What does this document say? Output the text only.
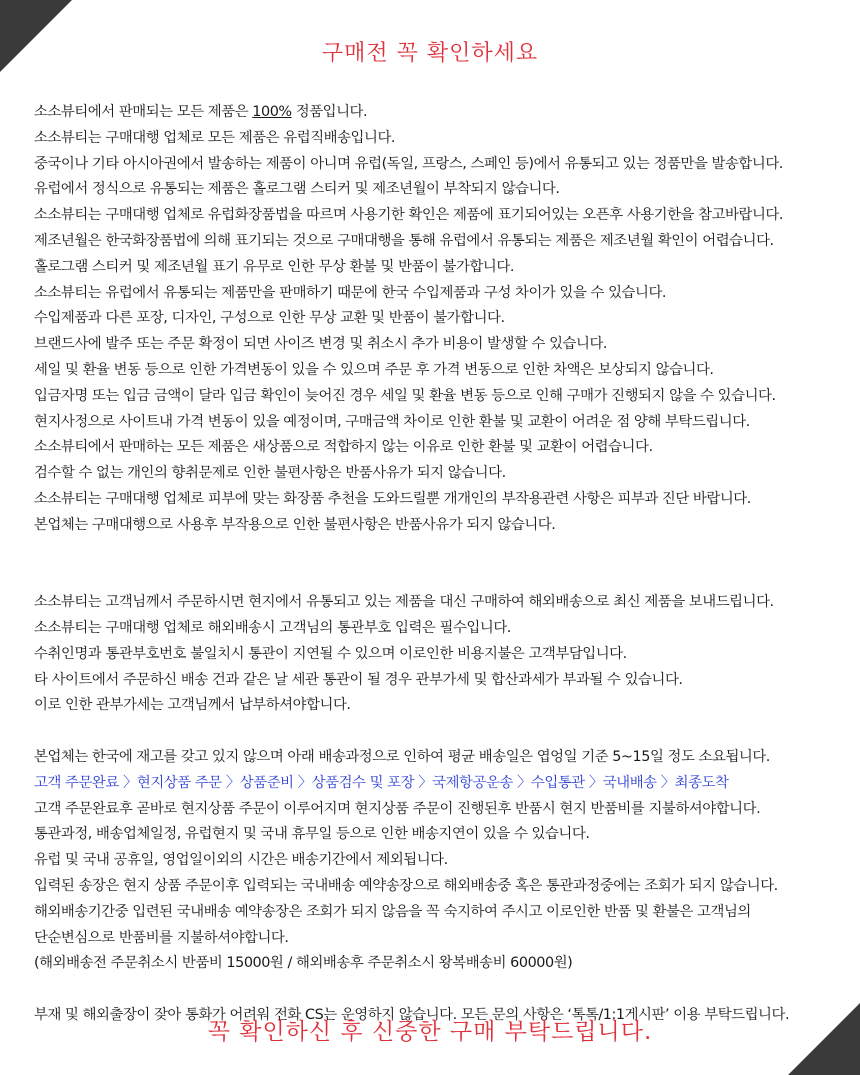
구매전 꼭 확인하세요
소소뷰티에서 판매되는 모든 제품은 100% 정품입니다.
소소뷰티는 구매대행 업체로 모든 제품은 유럽직배송입니다.
중국이나 기타 아시아권에서 발송하는 제품이 아니며 유럽(독일, 프랑스, 스페인 등)에서 유통되고 있는 정품만을 발송합니다.
유럽에서 정식으로 유통되는 제품은 홀로그램 스티커 및 제조년월이 부착되지 않습니다.
소소뷰티는 구매대행 업체로 유럽화장품법을 따르며 사용기한 확인은 제품에 표기되어있는 오픈후 사용기한을 참고바랍니다.
제조년월은 한국화장품법에 의해 표기되는 것으로 구매대행을 통해 유럽에서 유통되는 제품은 제조년월 확인이 어렵습니다.
홀로그램 스티커 및 제조년월 표기 유무로 인한 무상 환불 및 반품이 불가합니다.
소소뷰티는 유럽에서 유통되는 제품만을 판매하기 때문에 한국 수입제품과 구성 차이가 있을 수 있습니다.
수입제품과 다른 포장, 디자인, 구성으로 인한 무상 교환 및 반품이 불가합니다.
브랜드사에 발주 또는 주문 확정이 되면 사이즈 변경 및 취소시 추가 비용이 발생할 수 있습니다.
세일 및 환율 변동 등으로 인한 가격변동이 있을 수 있으며 주문 후 가격 변동으로 인한 차액은 보상되지 않습니다.
입금자명 또는 입금 금액이 달라 입금 확인이 늦어진 경우 세일 및 환율 변동 등으로 인해 구매가 진행되지 않을 수 있습니다.
현지사정으로 사이트내 가격 변동이 있을 예정이며, 구매금액 차이로 인한 환불 및 교환이 어려운 점 양해 부탁드립니다.
소소뷰티에서 판매하는 모든 제품은 새상품으로 적합하지 않는 이유로 인한 환불 및 교환이 어렵습니다.
검수할 수 없는 개인의 향취문제로 인한 불편사항은 반품사유가 되지 않습니다.
소소뷰티는 구매대행 업체로 피부에 맞는 화장품 추천을 도와드릴뿐 개개인의 부작용관련 사항은 피부과 진단 바랍니다.
본업체는 구매대행으로 사용후 부작용으로 인한 불편사항은 반품사유가 되지 않습니다.
소소뷰티는 고객님께서 주문하시면 현지에서 유통되고 있는 제품을 대신 구매하여 해외배송으로 최신 제품을 보내드립니다.
소소뷰티는 구매대행 업체로 해외배송시 고객님의 통관부호 입력은 필수입니다.
수취인명과 통관부호번호 불일치시 통관이 지연될 수 있으며 이로인한 비용지불은 고객부담입니다.
타 사이트에서 주문하신 배송 건과 같은 날 세관 통관이 될 경우 관부가세 및 합산과세가 부과될 수 있습니다.
이로 인한 관부가세는 고객님께서 납부하셔야합니다.
본업체는 한국에 재고를 갖고 있지 않으며 아래 배송과정으로 인하여 평균 배송일은 엽엉일 기준 5~15일 정도 소요됩니다.
고객 주문완료 〉현지상품 주문 〉상품준비 〉상품검수 및 포장 〉국제항공운송 〉수입통관 〉국내배송 〉최종도착
고객 주문완료후 곧바로 현지상품 주문이 이루어지며 현지상품 주문이 진행된후 반품시 현지 반품비를 지불하셔야합니다.
통관과정, 배송업체일정, 유럽현지 및 국내 휴무일 등으로 인한 배송지연이 있을 수 있습니다.
유럽 및 국내 공휴일, 영업일이외의 시간은 배송기간에서 제외됩니다.
입력된 송장은 현지 상품 주문이후 입력되는 국내배송 예약송장으로 해외배송중 혹은 통관과정중에는 조회가 되지 않습니다.
해외배송기간중 입련된 국내배송 예약송장은 조회가 되지 않음을 꼭 숙지하여 주시고 이로인한 반품 및 환불은 고객님의
단순변심으로 반품비를 지불하셔야합니다.
(해외배송전 주문취소시 반품비 15000원 / 해외배송후 주문취소시 왕복배송비 60000원)
부재 및 해외출장이 잦아 통화가 어려워 전화 CS는 운영하지 않습니다. 모든 문의 사항은 ‘톡톡/1:1게시판’ 이용 부탁드립니다.
꼭 확인하신 후 신중한 구매 부탁드립니다.
